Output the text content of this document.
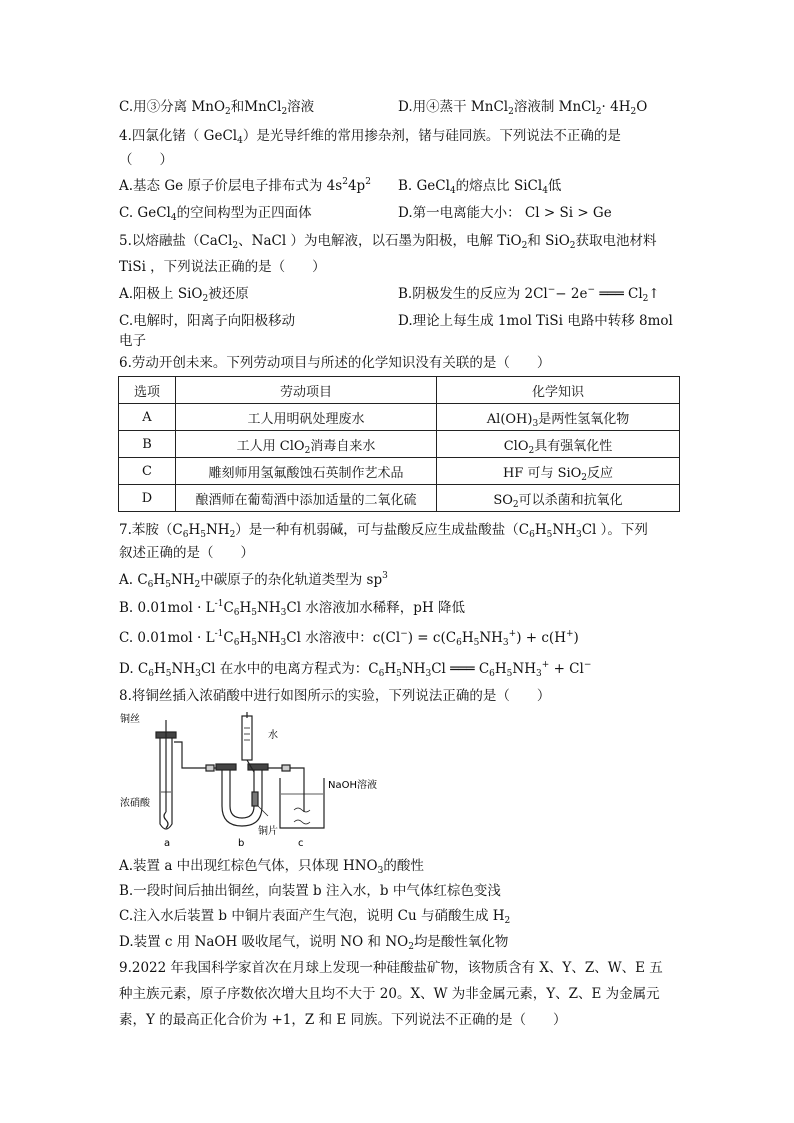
C.用③分离 MnO$_2$和MnCl$_2$溶液	D.用④蒸干 MnCl$_2$溶液制 MnCl$_2$· $4H_2O$
4.四氯化锗（ GeCl$_4$）是光导纤维的常用掺杂剂，锗与硅同族。下列说法不正确的是
（　　）
A.基态 Ge 原子价层电子排布式为 $4s^24p^2$ B. GeCl$_4$的熔点比 SiCl$_4$低
C. GeCl$_4$的空间构型为正四面体	D.第一电离能大小： Cl > Si > Ge
5.以熔融盐（CaCl$_2$、NaCl ）为电解液，以石墨为阳极，电解 TiO$_2$和 SiO$_2$获取电池材料
TiSi ，下列说法正确的是（　　）
A.阳极上 SiO$_2$被还原	B.阴极发生的反应为 2Cl−− 2e− ═══ $Cl_2↑$
C.电解时，阳离子向阳极移动	D.理论上每生成 1mol TiSi 电路中转移 8mol
电子
6.劳动开创未来。下列劳动项目与所述的化学知识没有关联的是（　　）
选项	劳动项目	化学知识
A	工人用明矾处理废水	$Al(OH)_3$是两性氢氧化物
B	工人用 ClO$_2$消毒自来水	ClO$_2$具有强氧化性
C	雕刻师用氢氟酸蚀石英制作艺术品	HF 可与 SiO$_2$反应
D	酿酒师在葡萄酒中添加适量的二氧化硫	$SO_2$可以杀菌和抗氧化
7.苯胺$(C_6H_5NH_2)$是一种有机弱碱，可与盐酸反应生成盐酸盐（$C_6H_5NH_3Cl$ ）。下列
叙述正确的是（　　）
A. $C_6H_5NH_2$中碳原子的杂化轨道类型为 $sp^3$
B. $0.01mol \cdot L^{-1}C_6H_5NH_3Cl$ 水溶液加水稀释，pH 降低
C. $0.01mol \cdot L^{-1}C_6H_5NH_3Cl$ 水溶液中：$c(Cl^-) = c(C_6H_5NH_3^+) + c(H^+)$
D. $C_6H_5NH_3Cl$ 在水中的电离方程式为：$C_6H_5NH_3Cl$ ═══ $C_6H_5NH_3^+ + Cl^-$
8.将铜丝插入浓硝酸中进行如图所示的实验，下列说法正确的是（　　）
铜丝
水
浓硝酸
NaOH溶液
铜片
a	b	c
A.装置 a 中出现红棕色气体，只体现 $HNO_3$的酸性
B.一段时间后抽出铜丝，向装置 b 注入水，b 中气体红棕色变浅
C.注入水后装置 b 中铜片表面产生气泡，说明 Cu 与硝酸生成 $H_2$
D.装置 c 用 NaOH 吸收尾气，说明 NO 和 $NO_2$均是酸性氧化物
9.2022 年我国科学家首次在月球上发现一种硅酸盐矿物，该物质含有 X、Y、Z、W、E 五
种主族元素，原子序数依次增大且均不大于 20。X、W 为非金属元素，Y、Z、E 为金属元
素，Y 的最高正化合价为 +1，Z 和 E 同族。下列说法不正确的是（　　）
